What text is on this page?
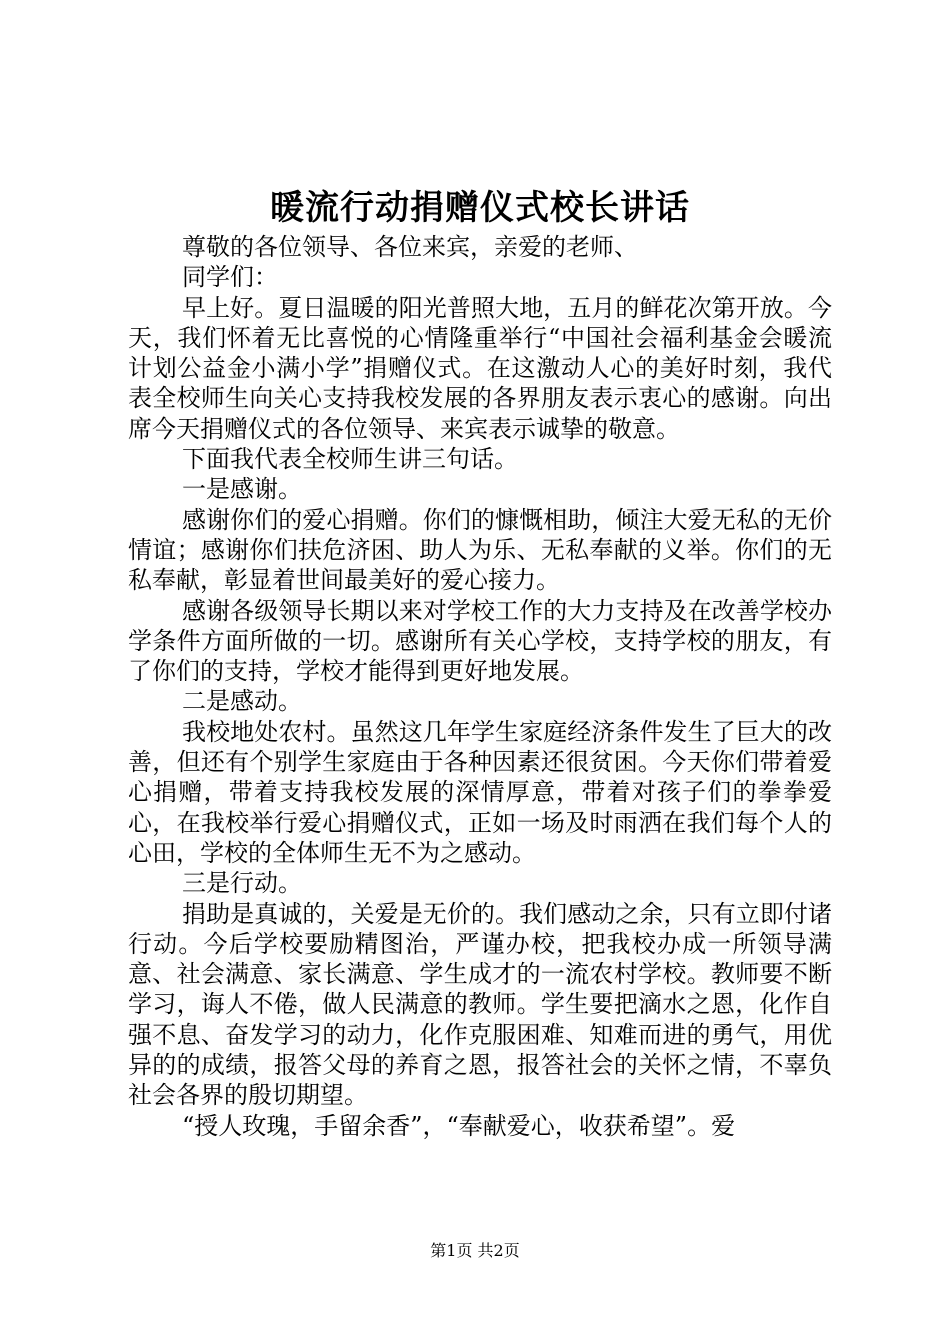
暖流行动捐赠仪式校长讲话

尊敬的各位领导、各位来宾，亲爱的老师、

同学们：

早上好。夏日温暖的阳光普照大地，五月的鲜花次第开放。今天，我们怀着无比喜悦的心情隆重举行“中国社会福利基金会暖流计划公益金小满小学”捐赠仪式。在这激动人心的美好时刻，我代表全校师生向关心支持我校发展的各界朋友表示衷心的感谢。向出席今天捐赠仪式的各位领导、来宾表示诚挚的敬意。

下面我代表全校师生讲三句话。

一是感谢。

感谢你们的爱心捐赠。你们的慷慨相助，倾注大爱无私的无价情谊；感谢你们扶危济困、助人为乐、无私奉献的义举。你们的无私奉献，彰显着世间最美好的爱心接力。

感谢各级领导长期以来对学校工作的大力支持及在改善学校办学条件方面所做的一切。感谢所有关心学校，支持学校的朋友，有了你们的支持，学校才能得到更好地发展。

二是感动。

我校地处农村。虽然这几年学生家庭经济条件发生了巨大的改善，但还有个别学生家庭由于各种因素还很贫困。今天你们带着爱心捐赠，带着支持我校发展的深情厚意，带着对孩子们的拳拳爱心，在我校举行爱心捐赠仪式，正如一场及时雨洒在我们每个人的心田，学校的全体师生无不为之感动。

三是行动。

捐助是真诚的，关爱是无价的。我们感动之余，只有立即付诸行动。今后学校要励精图治，严谨办校，把我校办成一所领导满意、社会满意、家长满意、学生成才的一流农村学校。教师要不断学习，诲人不倦，做人民满意的教师。学生要把滴水之恩，化作自强不息、奋发学习的动力，化作克服困难、知难而进的勇气，用优异的的成绩，报答父母的养育之恩，报答社会的关怀之情，不辜负社会各界的殷切期望。

“授人玫瑰，手留余香”，“奉献爱心，收获希望”。爱

第1页 共2页
